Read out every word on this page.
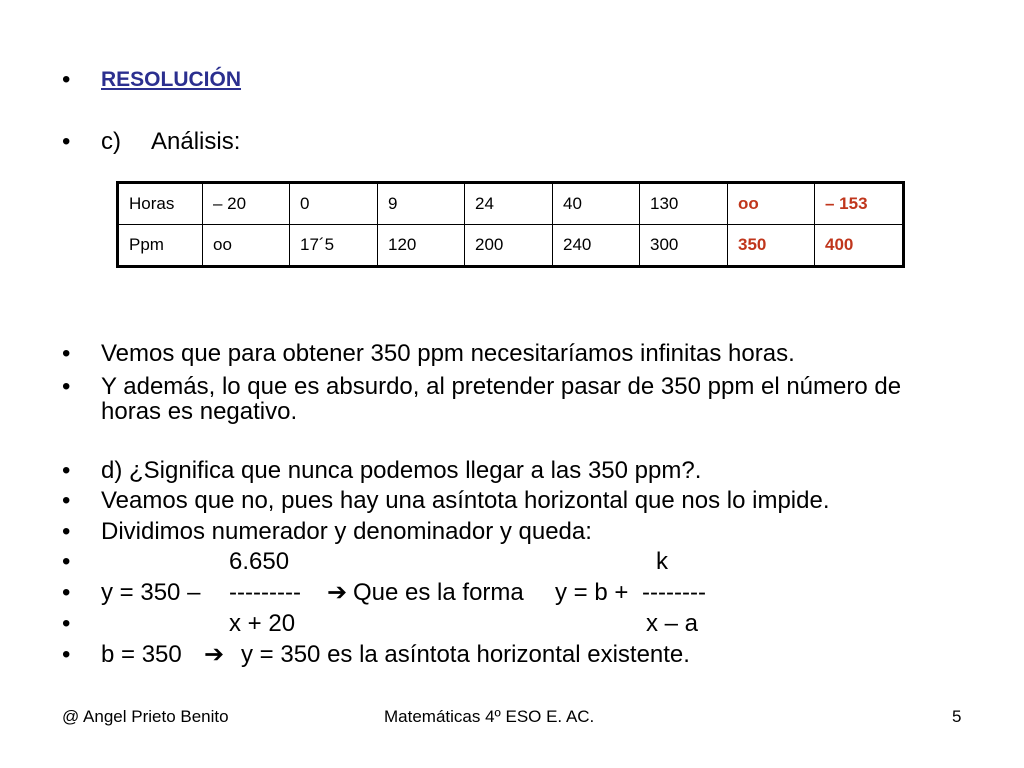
• RESOLUCIÓN
• c) Análisis:
Horas	– 20	0	9	24	40	130	oo	– 153
Ppm	oo	17´5	120	200	240	300	350	400
• Vemos que para obtener 350 ppm necesitaríamos infinitas horas.
• Y además, lo que es absurdo, al pretender pasar de 350 ppm el número de
horas es negativo.
• d) ¿Significa que nunca podemos llegar a las 350 ppm?.
• Veamos que no, pues hay una asíntota horizontal que nos lo impide.
• Dividimos numerador y denominador y queda:
•	6.650	k
• y = 350 – --------- ➔ Que es la forma y = b + --------
•	x + 20	x – a
• b = 350 ➔ y = 350 es la asíntota horizontal existente.
@ Angel Prieto Benito	Matemáticas 4º ESO E. AC.	5
